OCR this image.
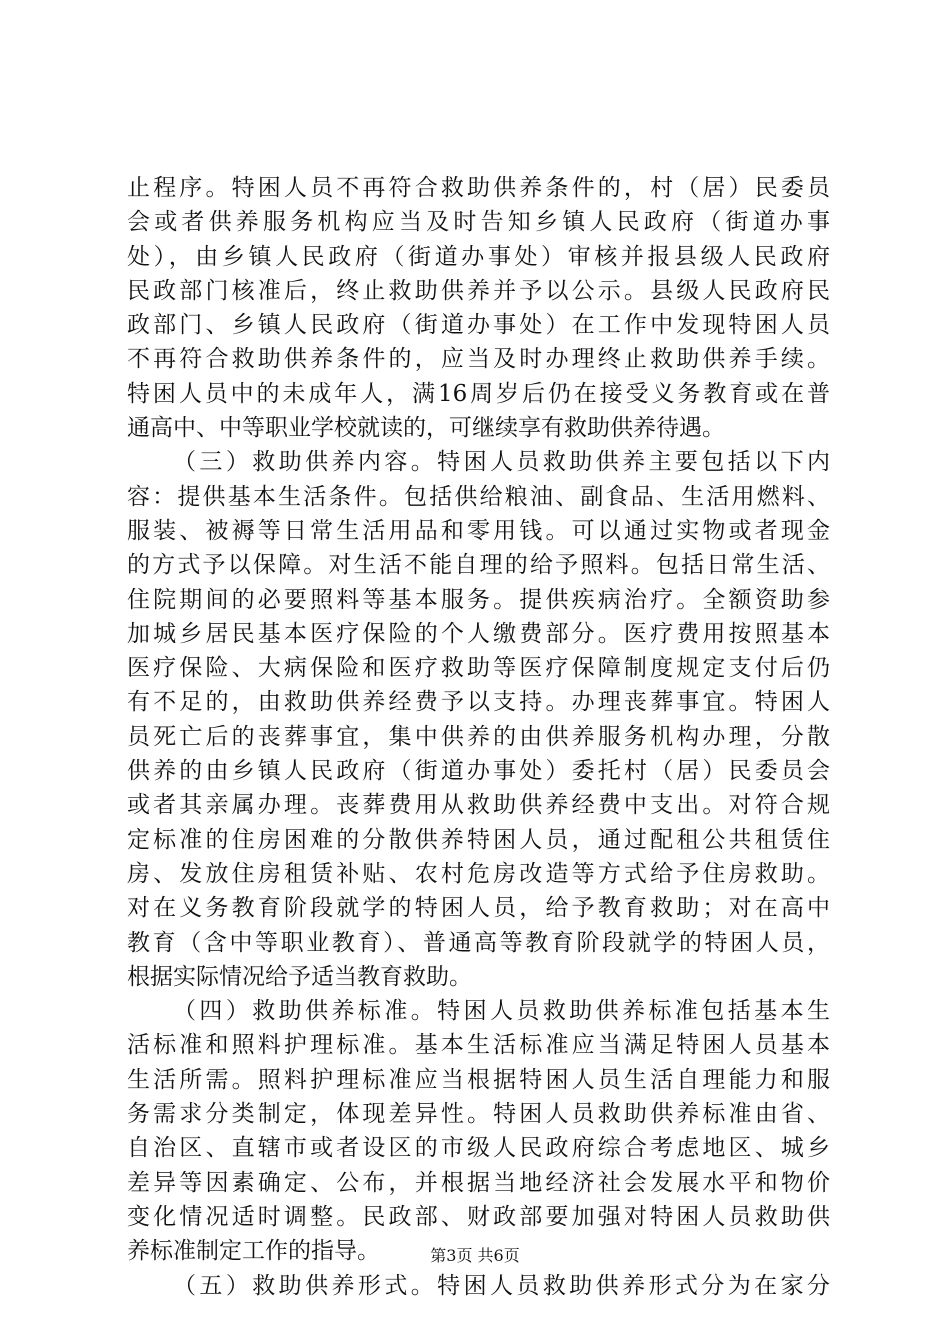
止程序。特困人员不再符合救助供养条件的，村（居）民委员
会或者供养服务机构应当及时告知乡镇人民政府（街道办事
处），由乡镇人民政府（街道办事处）审核并报县级人民政府
民政部门核准后，终止救助供养并予以公示。县级人民政府民
政部门、乡镇人民政府（街道办事处）在工作中发现特困人员
不再符合救助供养条件的，应当及时办理终止救助供养手续。
特困人员中的未成年人，满16周岁后仍在接受义务教育或在普
通高中、中等职业学校就读的，可继续享有救助供养待遇。
（三）救助供养内容。特困人员救助供养主要包括以下内
容：提供基本生活条件。包括供给粮油、副食品、生活用燃料、
服装、被褥等日常生活用品和零用钱。可以通过实物或者现金
的方式予以保障。对生活不能自理的给予照料。包括日常生活、
住院期间的必要照料等基本服务。提供疾病治疗。全额资助参
加城乡居民基本医疗保险的个人缴费部分。医疗费用按照基本
医疗保险、大病保险和医疗救助等医疗保障制度规定支付后仍
有不足的，由救助供养经费予以支持。办理丧葬事宜。特困人
员死亡后的丧葬事宜，集中供养的由供养服务机构办理，分散
供养的由乡镇人民政府（街道办事处）委托村（居）民委员会
或者其亲属办理。丧葬费用从救助供养经费中支出。对符合规
定标准的住房困难的分散供养特困人员，通过配租公共租赁住
房、发放住房租赁补贴、农村危房改造等方式给予住房救助。
对在义务教育阶段就学的特困人员，给予教育救助；对在高中
教育（含中等职业教育）、普通高等教育阶段就学的特困人员，
根据实际情况给予适当教育救助。
（四）救助供养标准。特困人员救助供养标准包括基本生
活标准和照料护理标准。基本生活标准应当满足特困人员基本
生活所需。照料护理标准应当根据特困人员生活自理能力和服
务需求分类制定，体现差异性。特困人员救助供养标准由省、
自治区、直辖市或者设区的市级人民政府综合考虑地区、城乡
差异等因素确定、公布，并根据当地经济社会发展水平和物价
变化情况适时调整。民政部、财政部要加强对特困人员救助供
养标准制定工作的指导。
（五）救助供养形式。特困人员救助供养形式分为在家分
第3页 共6页
